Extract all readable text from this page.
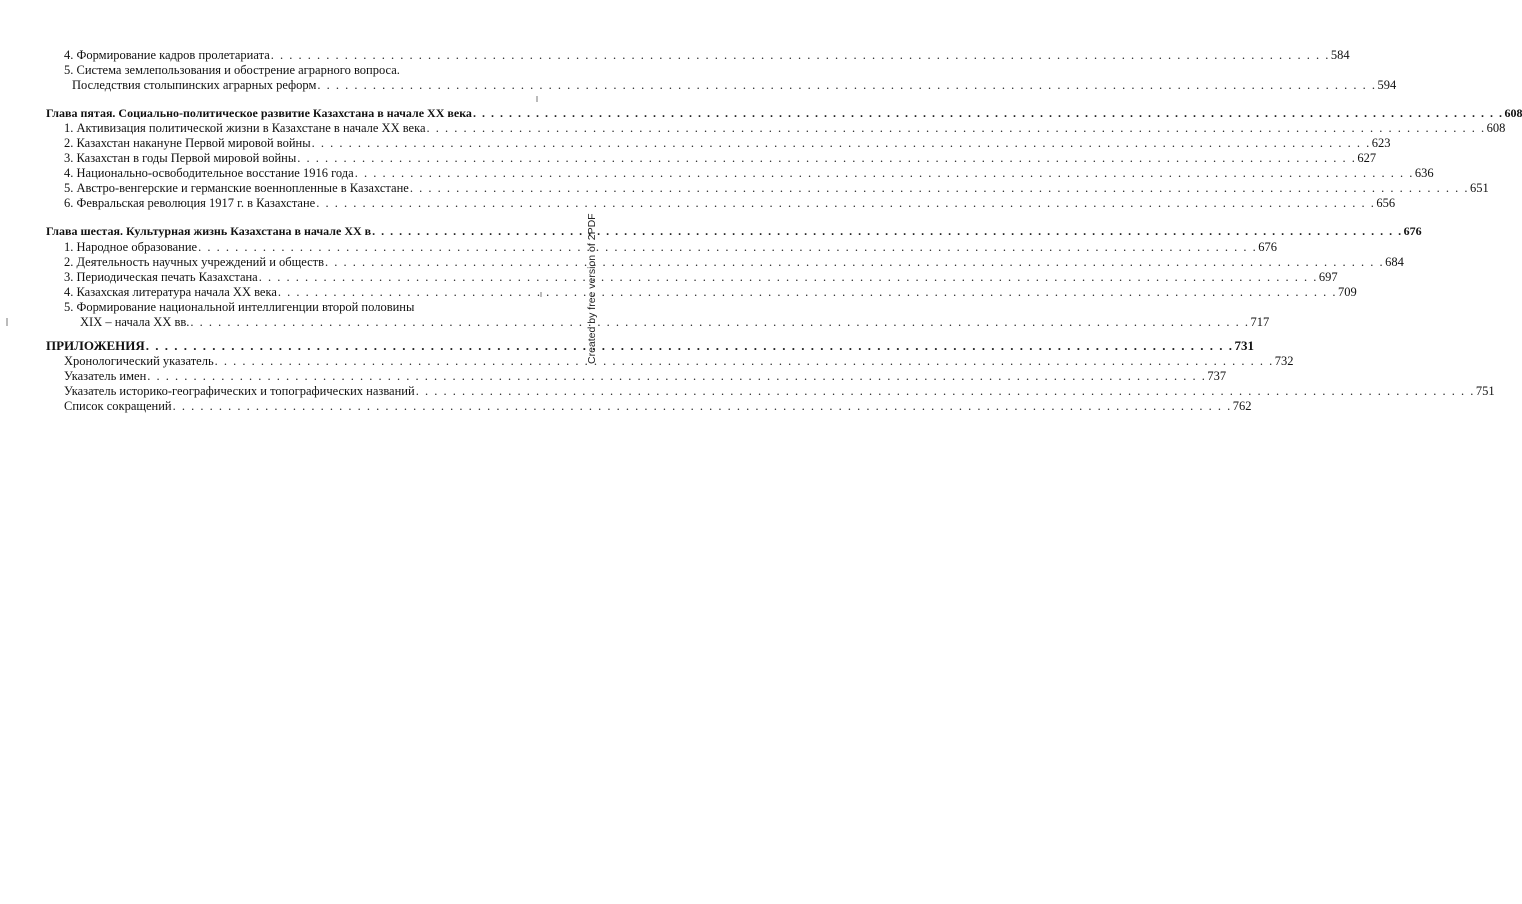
4. Формирование кадров пролетариата . . .	584
5. Система землепользования и обострение аграрного вопроса.
Последствия столыпинских аграрных реформ . . .	594
Глава пятая. Социально-политическое развитие Казахстана в начале XX века . . .	608
1. Активизация политической жизни в Казахстане в начале XX века . . .	608
2. Казахстан накануне Первой мировой войны . . .	623
3. Казахстан в годы Первой мировой войны . . .	627
4. Национально-освободительное восстание 1916 года . . .	636
5. Австро-венгерские и германские военнопленные в Казахстане . . .	651
6. Февральская революция 1917 г. в Казахстане . . .	656
Глава шестая. Культурная жизнь Казахстана в начале XX в . . .	676
1. Народное образование . . .	676
2. Деятельность научных учреждений и обществ . . .	684
3. Периодическая печать Казахстана . . .	697
4. Казахская литература начала XX века . . .	709
5. Формирование национальной интеллигенции второй половины
XIX – начала XX вв. . . .	717
ПРИЛОЖЕНИЯ . . .	731
Хронологический указатель . . .	732
Указатель имен . . .	737
Указатель историко-географических и топографических названий . . .	751
Список сокращений . . .	762
Created by free version of 2PDF
